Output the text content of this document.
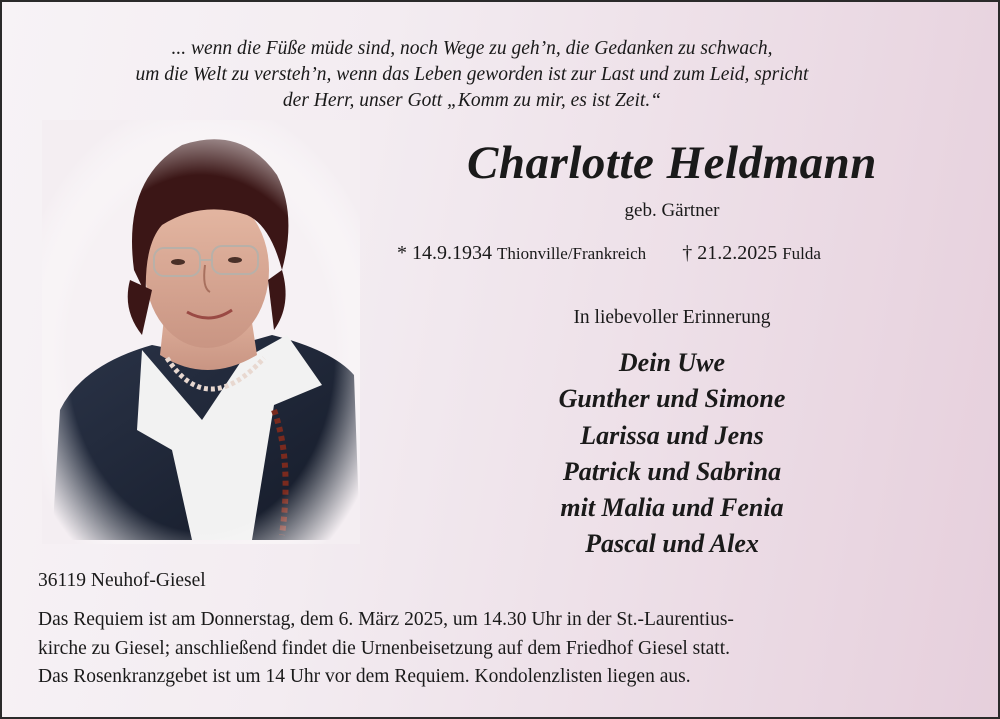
... wenn die Füße müde sind, noch Wege zu geh’n, die Gedanken zu schwach,
um die Welt zu versteh’n, wenn das Leben geworden ist zur Last und zum Leid, spricht
der Herr, unser Gott „Komm zu mir, es ist Zeit.“
Charlotte Heldmann
geb. Gärtner
* 14.9.1934 Thionville/Frankreich † 21.2.2025 Fulda
In liebevoller Erinnerung
Dein Uwe
Gunther und Simone
Larissa und Jens
Patrick und Sabrina
mit Malia und Fenia
Pascal und Alex
36119 Neuhof-Giesel
Das Requiem ist am Donnerstag, dem 6. März 2025, um 14.30 Uhr in der St.-Laurentius-
kirche zu Giesel; anschließend findet die Urnenbeisetzung auf dem Friedhof Giesel statt.
Das Rosenkranzgebet ist um 14 Uhr vor dem Requiem. Kondolenzlisten liegen aus.
